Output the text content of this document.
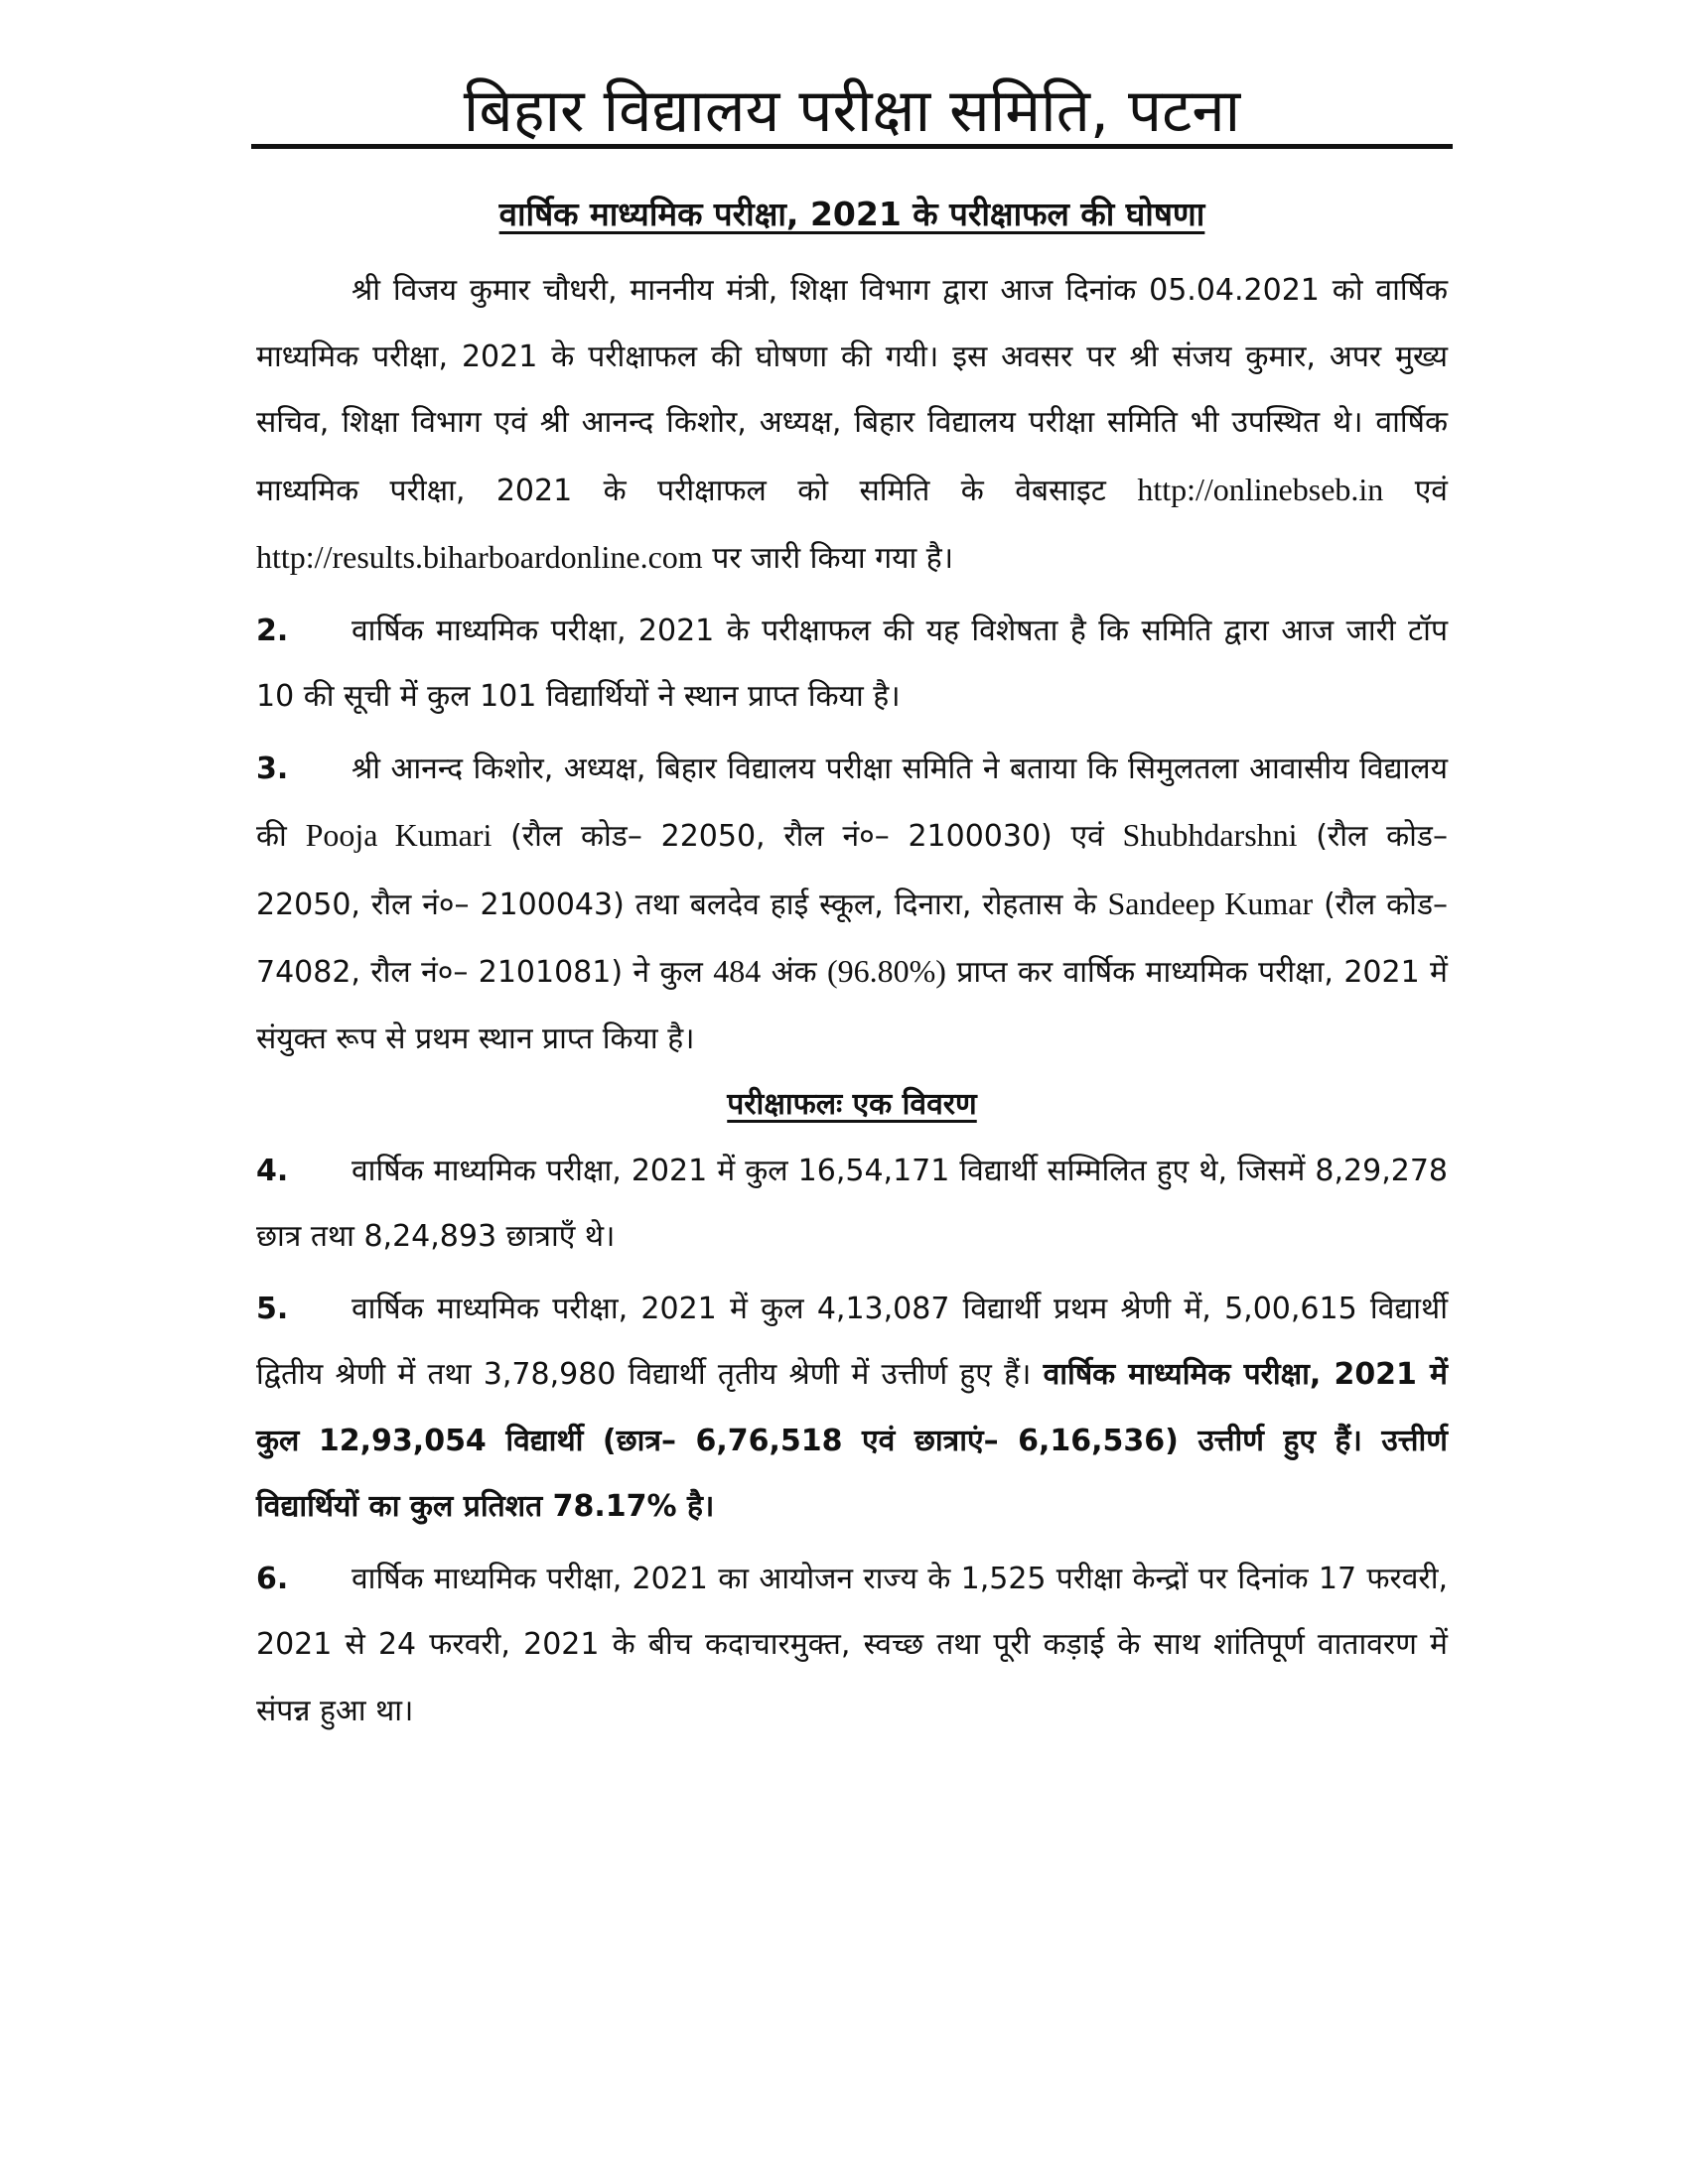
बिहार विद्यालय परीक्षा समिति, पटना
वार्षिक माध्यमिक परीक्षा, 2021 के परीक्षाफल की घोषणा

श्री विजय कुमार चौधरी, माननीय मंत्री, शिक्षा विभाग द्वारा आज दिनांक 05.04.2021 को वार्षिक माध्यमिक परीक्षा, 2021 के परीक्षाफल की घोषणा की गयी। इस अवसर पर श्री संजय कुमार, अपर मुख्य सचिव, शिक्षा विभाग एवं श्री आनन्द किशोर, अध्यक्ष, बिहार विद्यालय परीक्षा समिति भी उपस्थित थे। वार्षिक माध्यमिक परीक्षा, 2021 के परीक्षाफल को समिति के वेबसाइट http://onlinebseb.in एवं http://results.biharboardonline.com पर जारी किया गया है।

2. वार्षिक माध्यमिक परीक्षा, 2021 के परीक्षाफल की यह विशेषता है कि समिति द्वारा आज जारी टॉप 10 की सूची में कुल 101 विद्यार्थियों ने स्थान प्राप्त किया है।

3. श्री आनन्द किशोर, अध्यक्ष, बिहार विद्यालय परीक्षा समिति ने बताया कि सिमुलतला आवासीय विद्यालय की Pooja Kumari (रौल कोड– 22050, रौल नं०– 2100030) एवं Shubhdarshni (रौल कोड– 22050, रौल नं०– 2100043) तथा बलदेव हाई स्कूल, दिनारा, रोहतास के Sandeep Kumar (रौल कोड– 74082, रौल नं०– 2101081) ने कुल 484 अंक (96.80%) प्राप्त कर वार्षिक माध्यमिक परीक्षा, 2021 में संयुक्त रूप से प्रथम स्थान प्राप्त किया है।

परीक्षाफलः एक विवरण

4. वार्षिक माध्यमिक परीक्षा, 2021 में कुल 16,54,171 विद्यार्थी सम्मिलित हुए थे, जिसमें 8,29,278 छात्र तथा 8,24,893 छात्राएँ थे।

5. वार्षिक माध्यमिक परीक्षा, 2021 में कुल 4,13,087 विद्यार्थी प्रथम श्रेणी में, 5,00,615 विद्यार्थी द्वितीय श्रेणी में तथा 3,78,980 विद्यार्थी तृतीय श्रेणी में उत्तीर्ण हुए हैं। वार्षिक माध्यमिक परीक्षा, 2021 में कुल 12,93,054 विद्यार्थी (छात्र– 6,76,518 एवं छात्राएं– 6,16,536) उत्तीर्ण हुए हैं। उत्तीर्ण विद्यार्थियों का कुल प्रतिशत 78.17% है।

6. वार्षिक माध्यमिक परीक्षा, 2021 का आयोजन राज्य के 1,525 परीक्षा केन्द्रों पर दिनांक 17 फरवरी, 2021 से 24 फरवरी, 2021 के बीच कदाचारमुक्त, स्वच्छ तथा पूरी कड़ाई के साथ शांतिपूर्ण वातावरण में संपन्न हुआ था।
